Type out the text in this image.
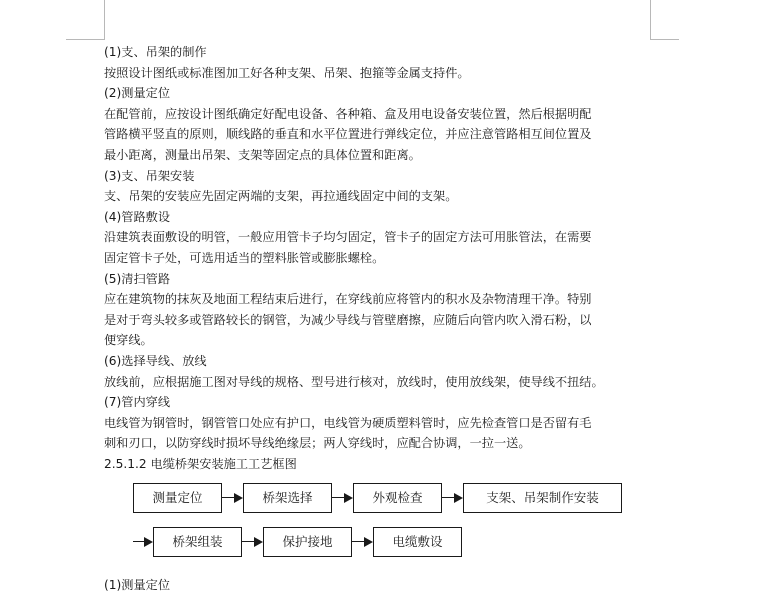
(1)支、吊架的制作
按照设计图纸或标准图加工好各种支架、吊架、抱箍等金属支持件。
(2)测量定位
在配管前，应按设计图纸确定好配电设备、各种箱、盒及用电设备安装位置，然后根据明配
管路横平竖直的原则，顺线路的垂直和水平位置进行弹线定位，并应注意管路相互间位置及
最小距离，测量出吊架、支架等固定点的具体位置和距离。
(3)支、吊架安装
支、吊架的安装应先固定两端的支架，再拉通线固定中间的支架。
(4)管路敷设
沿建筑表面敷设的明管，一般应用管卡子均匀固定，管卡子的固定方法可用胀管法，在需要
固定管卡子处，可选用适当的塑料胀管或膨胀螺栓。
(5)清扫管路
应在建筑物的抹灰及地面工程结束后进行，在穿线前应将管内的积水及杂物清理干净。特别
是对于弯头较多或管路较长的钢管，为减少导线与管壁磨擦，应随后向管内吹入滑石粉，以
便穿线。
(6)选择导线、放线
放线前，应根据施工图对导线的规格、型号进行核对，放线时，使用放线架，使导线不扭结。
(7)管内穿线
电线管为钢管时，钢管管口处应有护口，电线管为硬质塑料管时，应先检查管口是否留有毛
刺和刃口，以防穿线时损坏导线绝缘层；两人穿线时，应配合协调，一拉一送。
2.5.1.2 电缆桥架安装施工工艺框图
测量定位	桥架选择	外观检查	支架、吊架制作安装
桥架组装	保护接地	电缆敷设
(1)测量定位
